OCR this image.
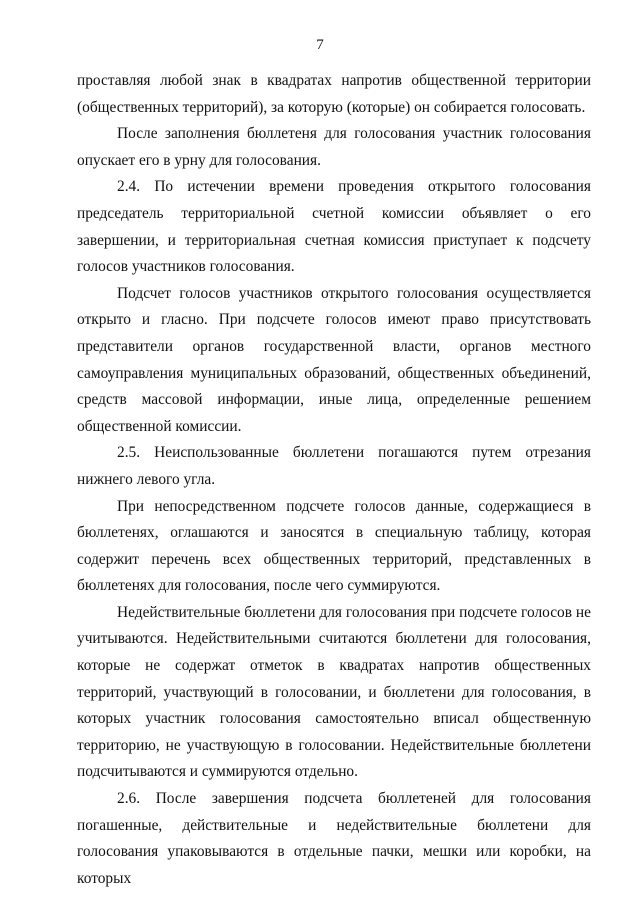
7

проставляя любой знак в квадратах напротив общественной территории (общественных территорий), за которую (которые) он собирается голосовать.

После заполнения бюллетеня для голосования участник голосования опускает его в урну для голосования.

2.4. По истечении времени проведения открытого голосования председатель территориальной счетной комиссии объявляет о его завершении, и территориальная счетная комиссия приступает к подсчету голосов участников голосования.

Подсчет голосов участников открытого голосования осуществляется открыто и гласно. При подсчете голосов имеют право присутствовать представители органов государственной власти, органов местного самоуправления муниципальных образований, общественных объединений, средств массовой информации, иные лица, определенные решением общественной комиссии.

2.5. Неиспользованные бюллетени погашаются путем отрезания нижнего левого угла.

При непосредственном подсчете голосов данные, содержащиеся в бюллетенях, оглашаются и заносятся в специальную таблицу, которая содержит перечень всех общественных территорий, представленных в бюллетенях для голосования, после чего суммируются.

Недействительные бюллетени для голосования при подсчете голосов не учитываются. Недействительными считаются бюллетени для голосования, которые не содержат отметок в квадратах напротив общественных территорий, участвующий в голосовании, и бюллетени для голосования, в которых участник голосования самостоятельно вписал общественную территорию, не участвующую в голосовании. Недействительные бюллетени подсчитываются и суммируются отдельно.

2.6. После завершения подсчета бюллетеней для голосования погашенные, действительные и недействительные бюллетени для голосования упаковываются в отдельные пачки, мешки или коробки, на которых
